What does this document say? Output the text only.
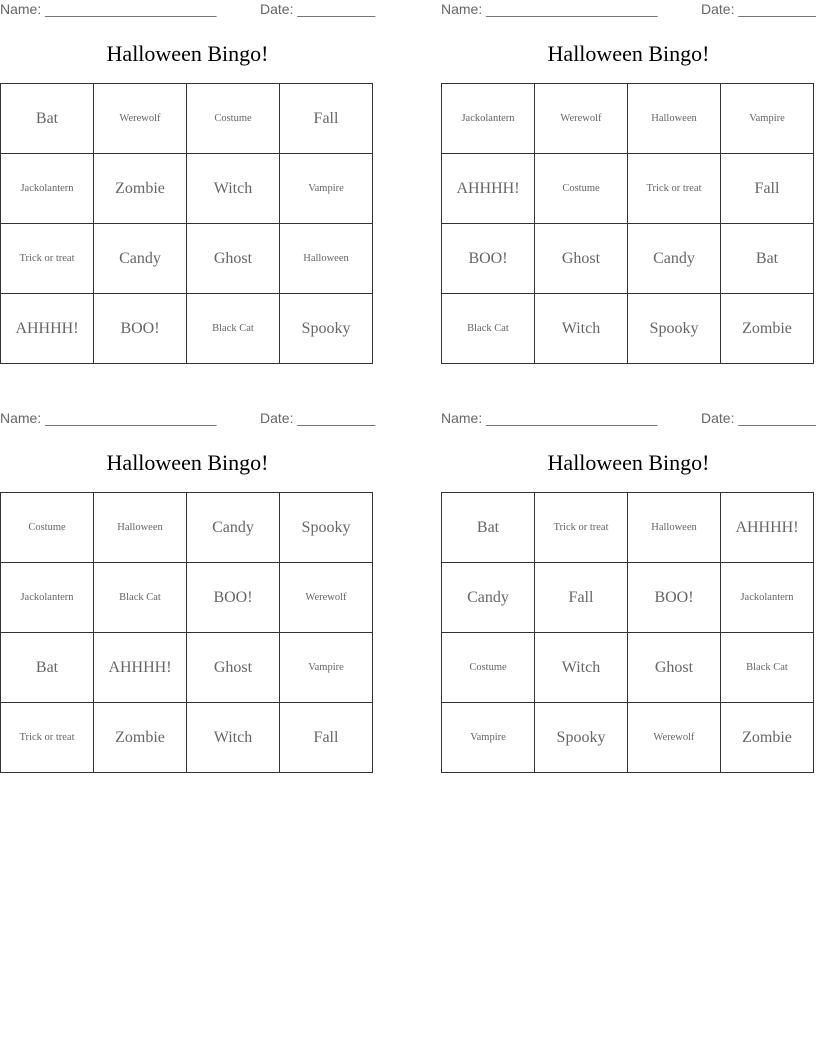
Name: ______________________	Date: __________
Halloween Bingo!
Bat	Werewolf	Costume	Fall
Jackolantern	Zombie	Witch	Vampire
Trick or treat	Candy	Ghost	Halloween
AHHHH!	BOO!	Black Cat	Spooky
Name: ______________________	Date: __________
Halloween Bingo!
Jackolantern	Werewolf	Halloween	Vampire
AHHHH!	Costume	Trick or treat	Fall
BOO!	Ghost	Candy	Bat
Black Cat	Witch	Spooky	Zombie
Name: ______________________	Date: __________
Halloween Bingo!
Costume	Halloween	Candy	Spooky
Jackolantern	Black Cat	BOO!	Werewolf
Bat	AHHHH!	Ghost	Vampire
Trick or treat	Zombie	Witch	Fall
Name: ______________________	Date: __________
Halloween Bingo!
Bat	Trick or treat	Halloween	AHHHH!
Candy	Fall	BOO!	Jackolantern
Costume	Witch	Ghost	Black Cat
Vampire	Spooky	Werewolf	Zombie
